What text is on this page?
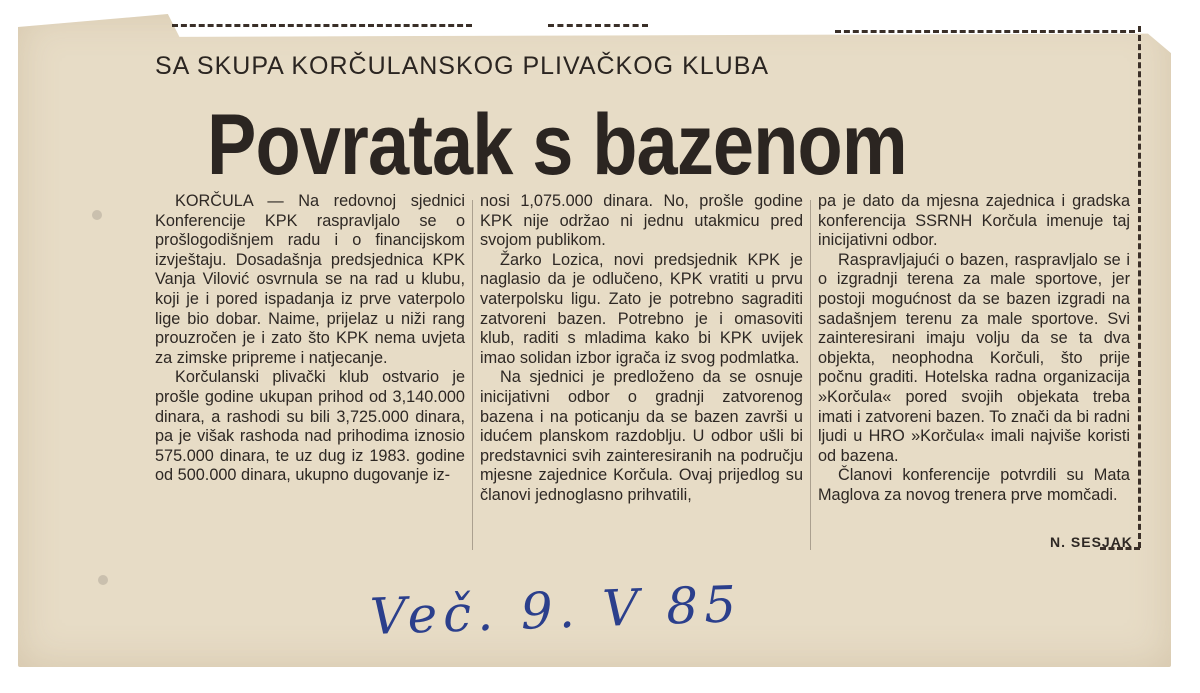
SA SKUPA KORČULANSKOG PLIVAČKOG KLUBA
Povratak s bazenom

KORČULA — Na redovnoj sjednici Konferencije KPK raspravljalo se o prošlogodišnjem radu i o financijskom izvještaju. Dosadašnja predsjednica KPK Vanja Vilović osvrnula se na rad u klubu, koji je i pored ispadanja iz prve vaterpolo lige bio dobar. Naime, prijelaz u niži rang prouzročen je i zato što KPK nema uvjeta za zimske pripreme i natjecanje.

Korčulanski plivački klub ostvario je prošle godine ukupan prihod od 3,140.000 dinara, a rashodi su bili 3,725.000 dinara, pa je višak rashoda nad prihodima iznosio 575.000 dinara, te uz dug iz 1983. godine od 500.000 dinara, ukupno dugovanje iz-

nosi 1,075.000 dinara. No, prošle godine KPK nije održao ni jednu utakmicu pred svojom publikom.

Žarko Lozica, novi predsjednik KPK je naglasio da je odlučeno, KPK vratiti u prvu vaterpolsku ligu. Zato je potrebno sagraditi zatvoreni bazen. Potrebno je i omasoviti klub, raditi s mladima kako bi KPK uvijek imao solidan izbor igrača iz svog podmlatka.

Na sjednici je predloženo da se osnuje inicijativni odbor o gradnji zatvorenog bazena i na poticanju da se bazen završi u idućem planskom razdoblju. U odbor ušli bi predstavnici svih zainteresiranih na području mjesne zajednice Korčula. Ovaj prijedlog su članovi jednoglasno prihvatili,

pa je dato da mjesna zajednica i gradska konferencija SSRNH Korčula imenuje taj inicijativni odbor.

Raspravljajući o bazen, raspravljalo se i o izgradnji terena za male sportove, jer postoji mogućnost da se bazen izgradi na sadašnjem terenu za male sportove. Svi zainteresirani imaju volju da se ta dva objekta, neophodna Korčuli, što prije počnu graditi. Hotelska radna organizacija »Korčula« pored svojih objekata treba imati i zatvoreni bazen. To znači da bi radni ljudi u HRO »Korčula« imali najviše koristi od bazena.

Članovi konferencije potvrdili su Mata Maglova za novog trenera prve momčadi.

N. SESJAK
Več. 9. V 85
